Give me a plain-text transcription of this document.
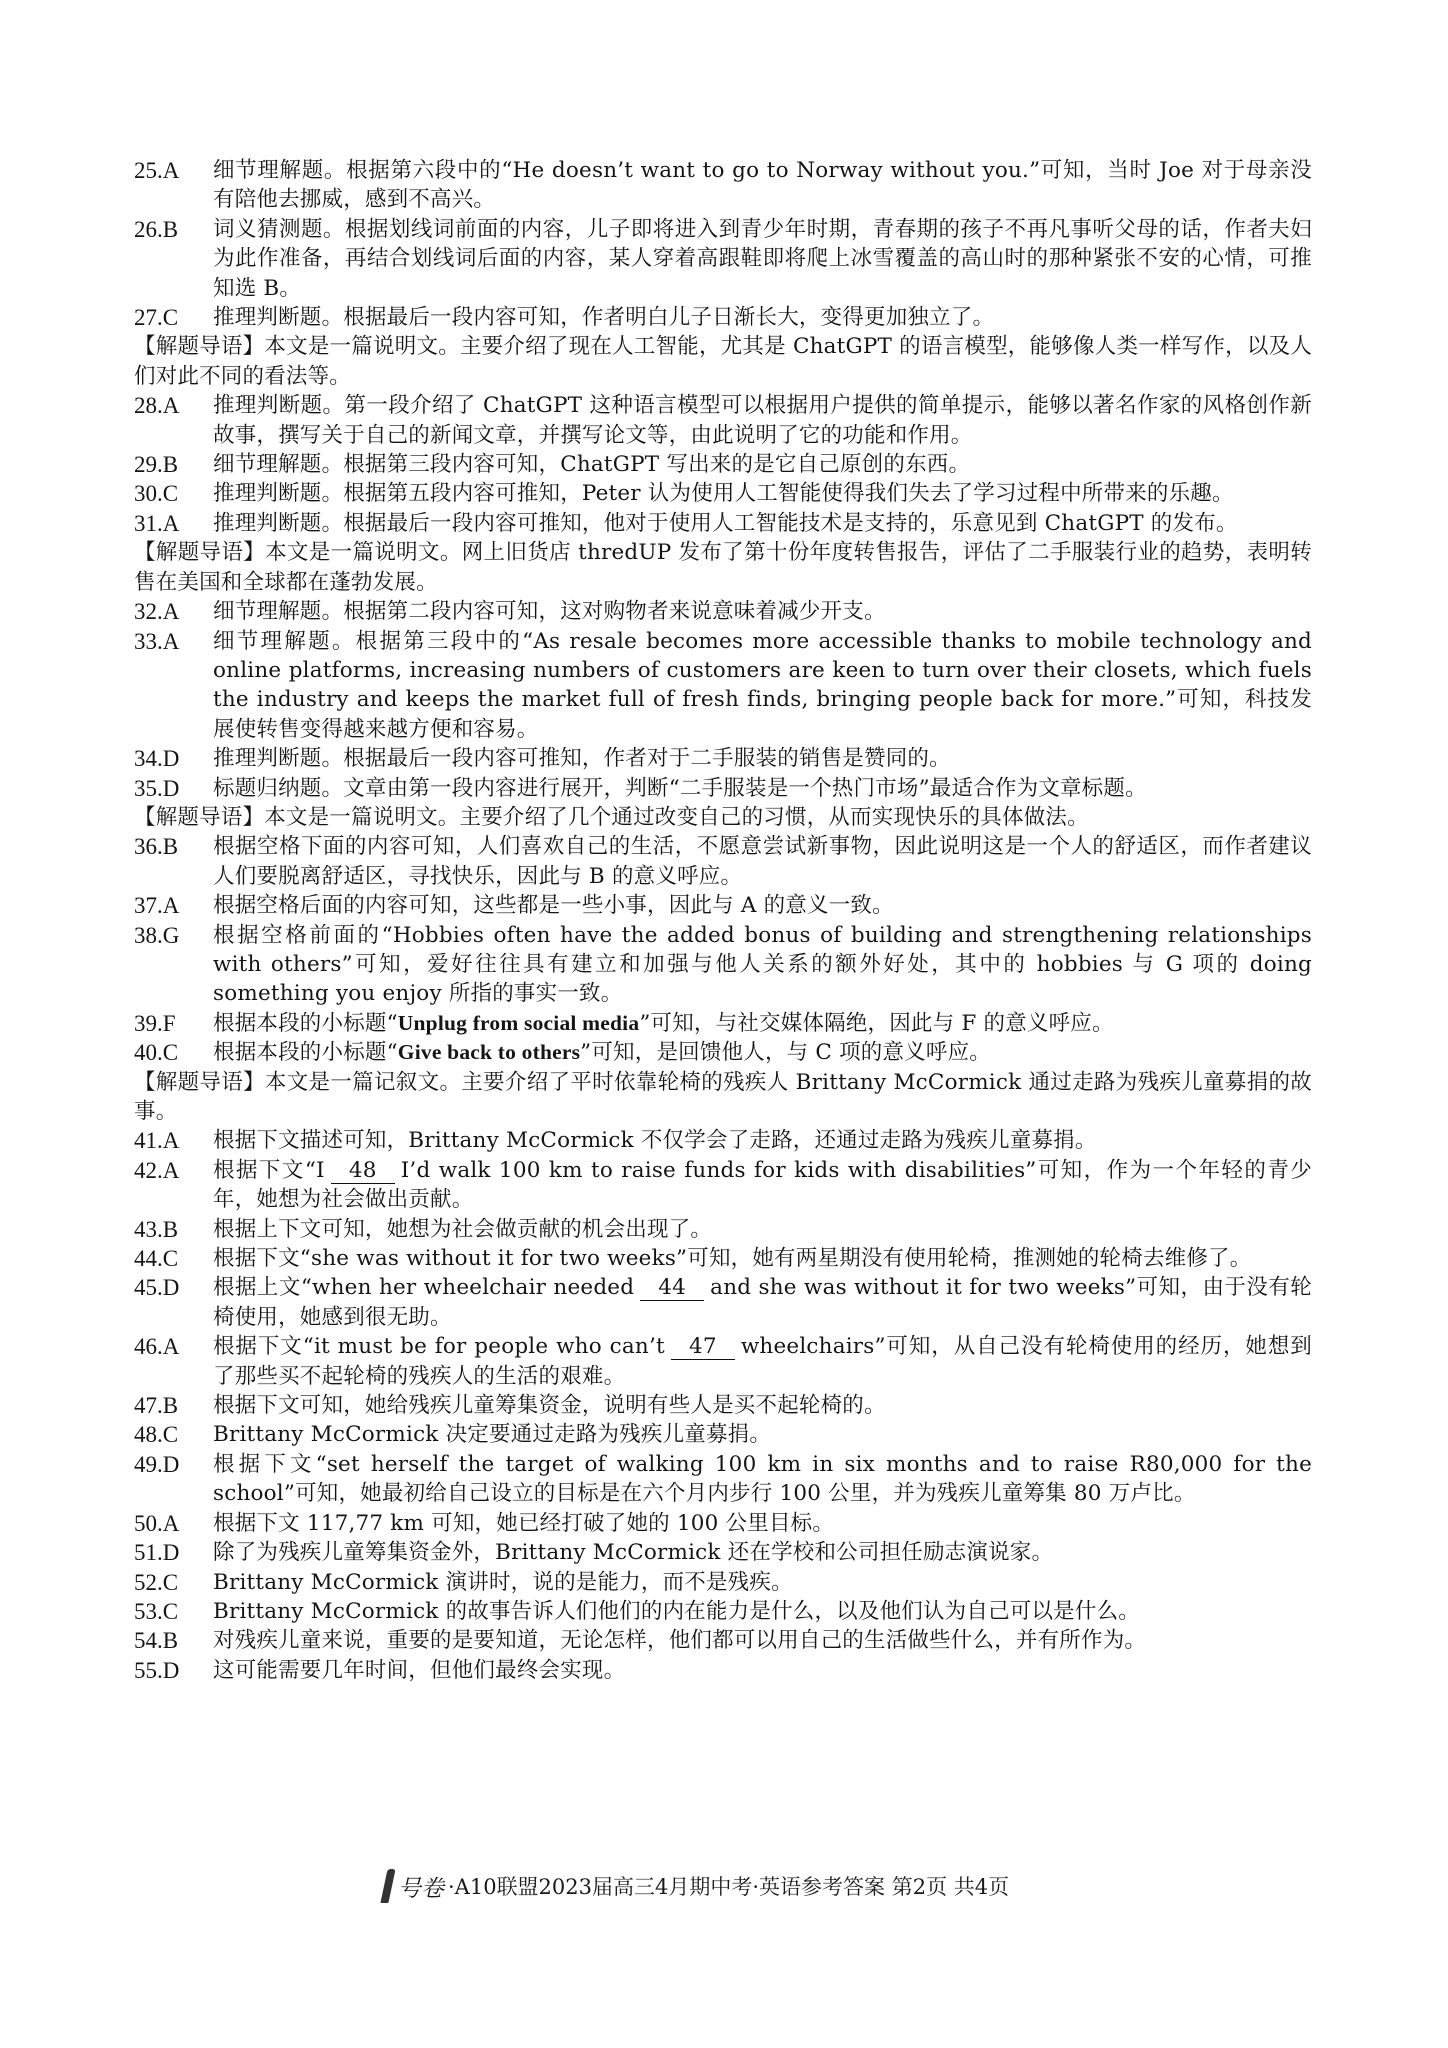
25.A	细节理解题。根据第六段中的“He doesn’t want to go to Norway without you.”可知，当时 Joe 对于母亲没有陪他去挪威，感到不高兴。
26.B	词义猜测题。根据划线词前面的内容，儿子即将进入到青少年时期，青春期的孩子不再凡事听父母的话，作者夫妇为此作准备，再结合划线词后面的内容，某人穿着高跟鞋即将爬上冰雪覆盖的高山时的那种紧张不安的心情，可推知选 B。
27.C	推理判断题。根据最后一段内容可知，作者明白儿子日渐长大，变得更加独立了。
【解题导语】本文是一篇说明文。主要介绍了现在人工智能，尤其是 ChatGPT 的语言模型，能够像人类一样写作，以及人们对此不同的看法等。
28.A	推理判断题。第一段介绍了 ChatGPT 这种语言模型可以根据用户提供的简单提示，能够以著名作家的风格创作新故事，撰写关于自己的新闻文章，并撰写论文等，由此说明了它的功能和作用。
29.B	细节理解题。根据第三段内容可知，ChatGPT 写出来的是它自己原创的东西。
30.C	推理判断题。根据第五段内容可推知，Peter 认为使用人工智能使得我们失去了学习过程中所带来的乐趣。
31.A	推理判断题。根据最后一段内容可推知，他对于使用人工智能技术是支持的，乐意见到 ChatGPT 的发布。
【解题导语】本文是一篇说明文。网上旧货店 thredUP 发布了第十份年度转售报告，评估了二手服装行业的趋势，表明转售在美国和全球都在蓬勃发展。
32.A	细节理解题。根据第二段内容可知，这对购物者来说意味着减少开支。
33.A	细节理解题。根据第三段中的“As resale becomes more accessible thanks to mobile technology and online platforms, increasing numbers of customers are keen to turn over their closets, which fuels the industry and keeps the market full of fresh finds, bringing people back for more.”可知，科技发展使转售变得越来越方便和容易。
34.D	推理判断题。根据最后一段内容可推知，作者对于二手服装的销售是赞同的。
35.D	标题归纳题。文章由第一段内容进行展开，判断“二手服装是一个热门市场”最适合作为文章标题。
【解题导语】本文是一篇说明文。主要介绍了几个通过改变自己的习惯，从而实现快乐的具体做法。
36.B	根据空格下面的内容可知，人们喜欢自己的生活，不愿意尝试新事物，因此说明这是一个人的舒适区，而作者建议人们要脱离舒适区，寻找快乐，因此与 B 的意义呼应。
37.A	根据空格后面的内容可知，这些都是一些小事，因此与 A 的意义一致。
38.G	根据空格前面的“Hobbies often have the added bonus of building and strengthening relationships with others”可知，爱好往往具有建立和加强与他人关系的额外好处，其中的 hobbies 与 G 项的 doing something you enjoy 所指的事实一致。
39.F	根据本段的小标题“Unplug from social media”可知，与社交媒体隔绝，因此与 F 的意义呼应。
40.C	根据本段的小标题“Give back to others”可知，是回馈他人，与 C 项的意义呼应。
【解题导语】本文是一篇记叙文。主要介绍了平时依靠轮椅的残疾人 Brittany McCormick 通过走路为残疾儿童募捐的故事。
41.A	根据下文描述可知，Brittany McCormick 不仅学会了走路，还通过走路为残疾儿童募捐。
42.A	根据下文“I 48 I’d walk 100 km to raise funds for kids with disabilities”可知，作为一个年轻的青少年，她想为社会做出贡献。
43.B	根据上下文可知，她想为社会做贡献的机会出现了。
44.C	根据下文“she was without it for two weeks”可知，她有两星期没有使用轮椅，推测她的轮椅去维修了。
45.D	根据上文“when her wheelchair needed 44 and she was without it for two weeks”可知，由于没有轮椅使用，她感到很无助。
46.A	根据下文“it must be for people who can’t 47 wheelchairs”可知，从自己没有轮椅使用的经历，她想到了那些买不起轮椅的残疾人的生活的艰难。
47.B	根据下文可知，她给残疾儿童筹集资金，说明有些人是买不起轮椅的。
48.C	Brittany McCormick 决定要通过走路为残疾儿童募捐。
49.D	根据下文“set herself the target of walking 100 km in six months and to raise R80,000 for the school”可知，她最初给自己设立的目标是在六个月内步行 100 公里，并为残疾儿童筹集 80 万卢比。
50.A	根据下文 117,77 km 可知，她已经打破了她的 100 公里目标。
51.D	除了为残疾儿童筹集资金外，Brittany McCormick 还在学校和公司担任励志演说家。
52.C	Brittany McCormick 演讲时，说的是能力，而不是残疾。
53.C	Brittany McCormick 的故事告诉人们他们的内在能力是什么，以及他们认为自己可以是什么。
54.B	对残疾儿童来说，重要的是要知道，无论怎样，他们都可以用自己的生活做些什么，并有所作为。
55.D	这可能需要几年时间，但他们最终会实现。
号卷 ·A10联盟2023届高三4月期中考·英语参考答案 第2页 共4页
